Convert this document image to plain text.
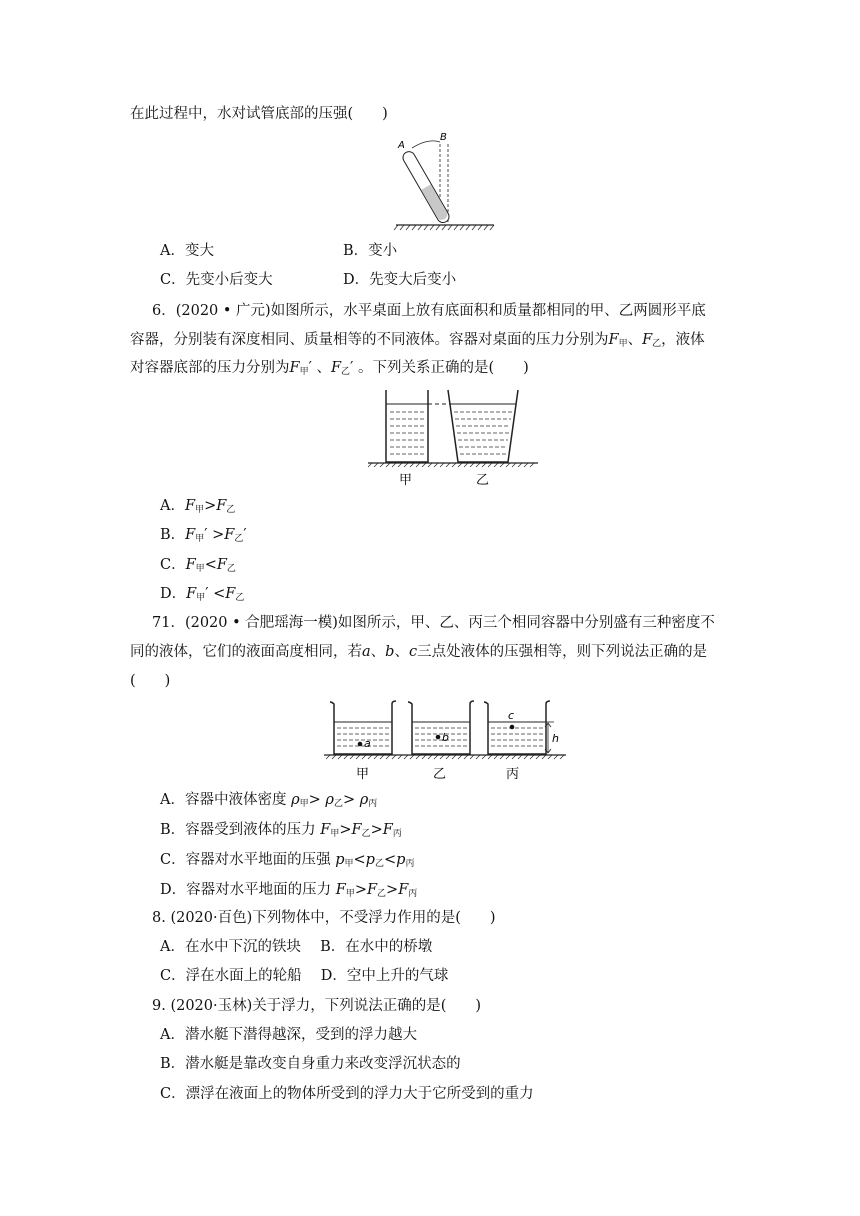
在此过程中，水对试管底部的压强(　　)
A
B
A．变大	B．变小
C．先变小后变大	D．先变大后变小
6．(2020 • 广元)如图所示，水平桌面上放有底面积和质量都相同的甲、乙两圆形平底
容器，分别装有深度相同、质量相等的不同液体。容器对桌面的压力分别为$F_甲$、$F_乙$，液体
对容器底部的压力分别为$F_甲'$ 、$F_乙'$ 。下列关系正确的是(　　)
甲	乙
A．$F_甲>F_乙$
B．$F_甲' >F_乙'$
C．$F_甲<F_乙$
D．$F_甲' <F_乙$
71．(2020 • 合肥瑶海一模)如图所示，甲、乙、丙三个相同容器中分别盛有三种密度不
同的液体，它们的液面高度相同，若a、b、c三点处液体的压强相等，则下列说法正确的是
(　　)
a	b
c
h
甲	乙	丙
A．容器中液体密度 $\rho_甲> \rho_乙> \rho_丙$
B．容器受到液体的压力 $F_甲>F_乙>F_丙$
C．容器对水平地面的压强 $p_甲<p_乙<p_丙$
D．容器对水平地面的压力 $F_甲>F_乙>F_丙$
8. (2020·百色)下列物体中，不受浮力作用的是(　　)
A．在水中下沉的铁块　 B．在水中的桥墩
C．浮在水面上的轮船　 D．空中上升的气球
9. (2020·玉林)关于浮力，下列说法正确的是(　　)
A．潜水艇下潜得越深，受到的浮力越大
B．潜水艇是靠改变自身重力来改变浮沉状态的
C．漂浮在液面上的物体所受到的浮力大于它所受到的重力
